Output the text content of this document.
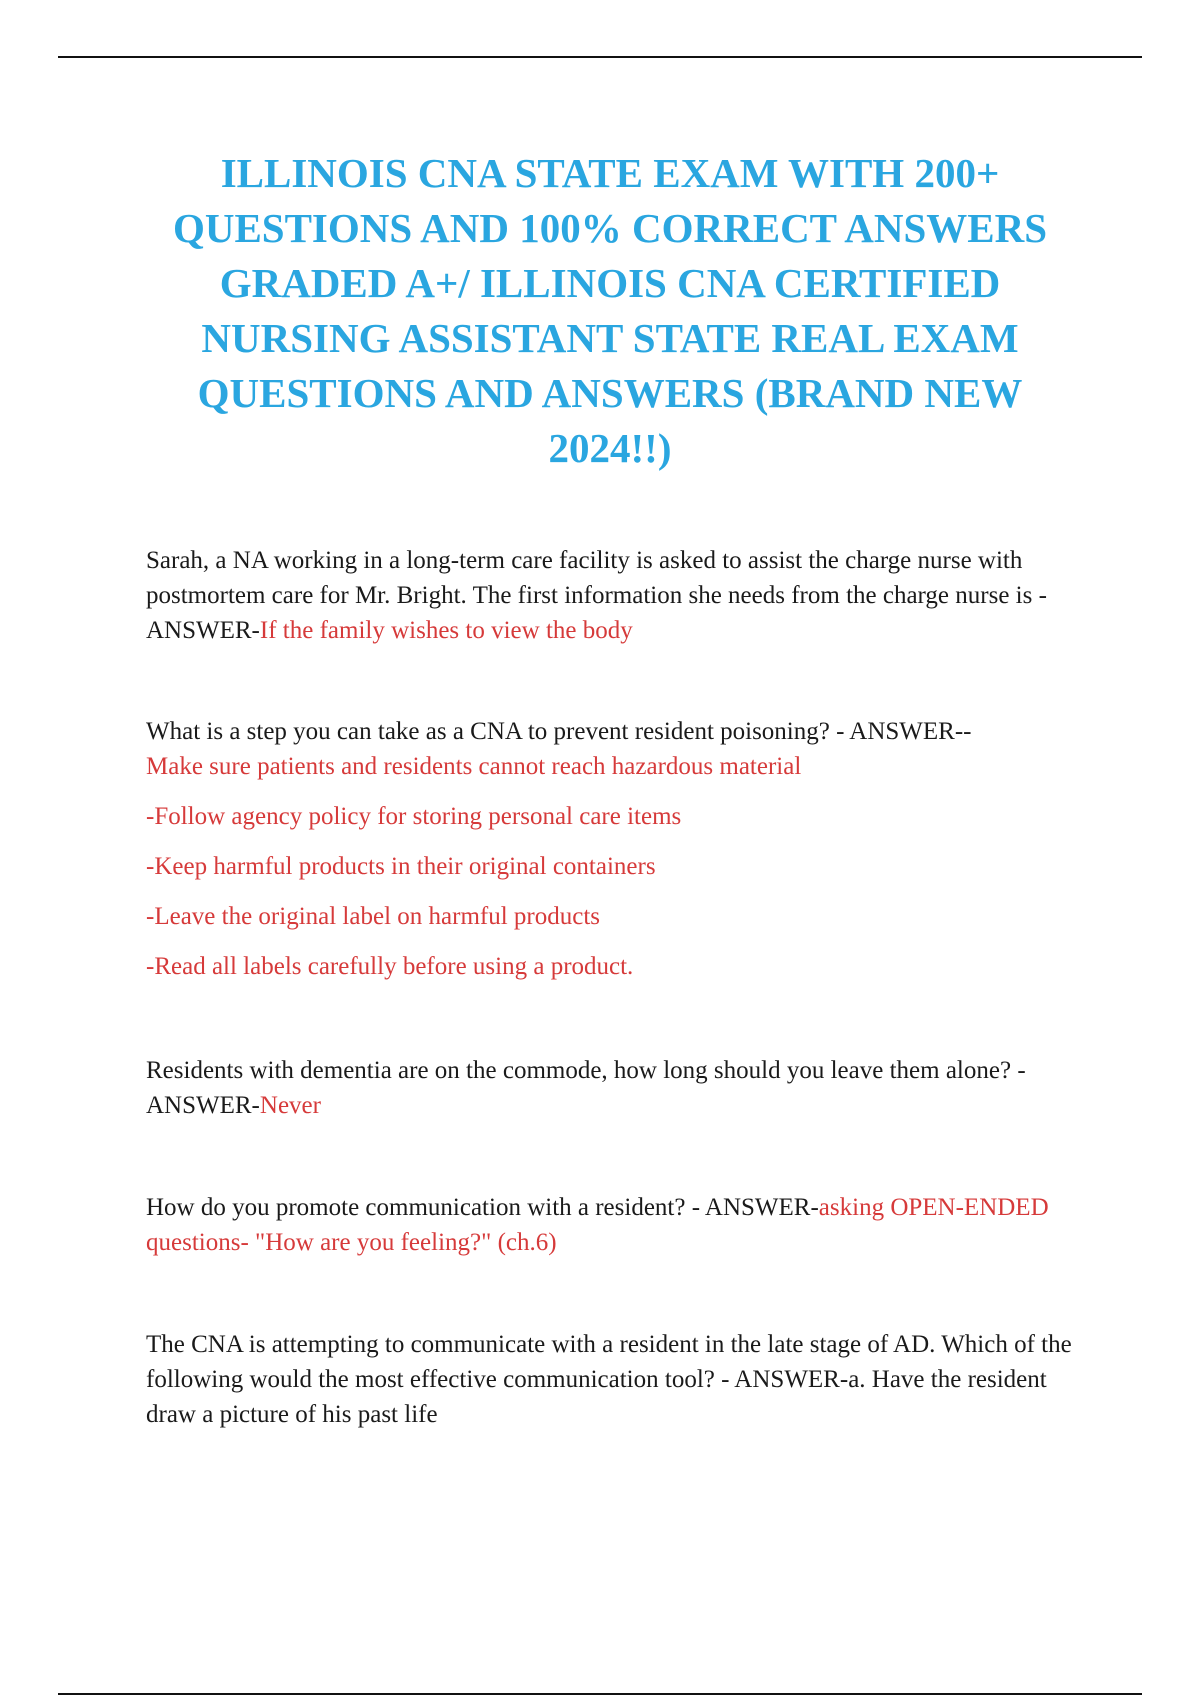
ILLINOIS CNA STATE EXAM WITH 200+ QUESTIONS AND 100% CORRECT ANSWERS GRADED A+/ ILLINOIS CNA CERTIFIED NURSING ASSISTANT STATE REAL EXAM QUESTIONS AND ANSWERS (BRAND NEW 2024!!)

Sarah, a NA working in a long-term care facility is asked to assist the charge nurse with postmortem care for Mr. Bright. The first information she needs from the charge nurse is - ANSWER-If the family wishes to view the body

What is a step you can take as a CNA to prevent resident poisoning? - ANSWER--
Make sure patients and residents cannot reach hazardous material

-Follow agency policy for storing personal care items

-Keep harmful products in their original containers

-Leave the original label on harmful products

-Read all labels carefully before using a product.

Residents with dementia are on the commode, how long should you leave them alone? - ANSWER-Never

How do you promote communication with a resident? - ANSWER-asking OPEN-ENDED questions- "How are you feeling?" (ch.6)

The CNA is attempting to communicate with a resident in the late stage of AD. Which of the following would the most effective communication tool? - ANSWER-a. Have the resident draw a picture of his past life
